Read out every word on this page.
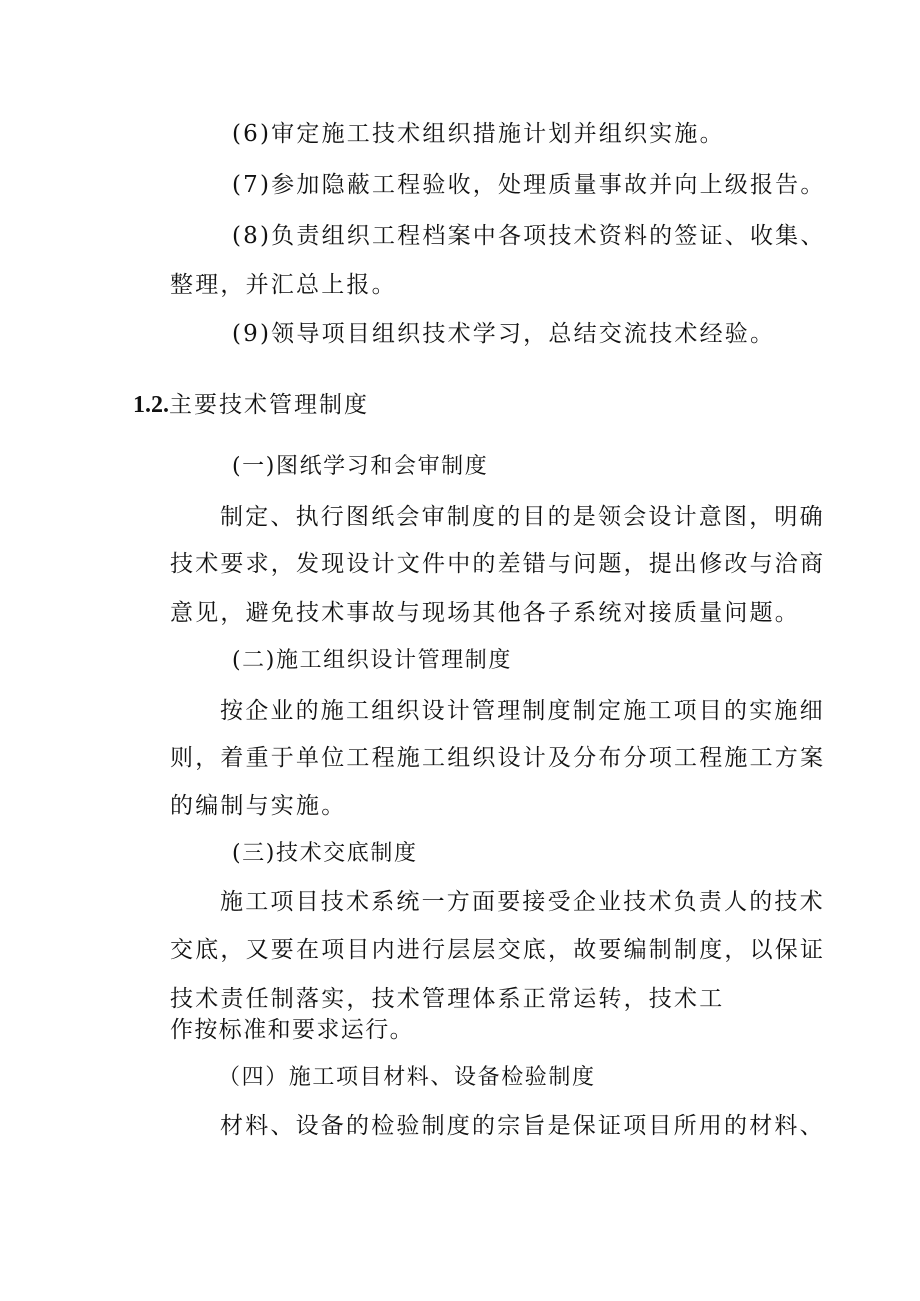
(6)审定施工技术组织措施计划并组织实施。
(7)参加隐蔽工程验收，处理质量事故并向上级报告。
(8)负责组织工程档案中各项技术资料的签证、收集、
整理，并汇总上报。
(9)领导项目组织技术学习，总结交流技术经验。
1.2.主要技术管理制度
(一)图纸学习和会审制度
制定、执行图纸会审制度的目的是领会设计意图，明确
技术要求，发现设计文件中的差错与问题，提出修改与洽商
意见，避免技术事故与现场其他各子系统对接质量问题。
(二)施工组织设计管理制度
按企业的施工组织设计管理制度制定施工项目的实施细
则，着重于单位工程施工组织设计及分布分项工程施工方案
的编制与实施。
(三)技术交底制度
施工项目技术系统一方面要接受企业技术负责人的技术
交底，又要在项目内进行层层交底，故要编制制度，以保证
技术责任制落实，技术管理体系正常运转，技术工
作按标准和要求运行。
（四）施工项目材料、设备检验制度
材料、设备的检验制度的宗旨是保证项目所用的材料、
